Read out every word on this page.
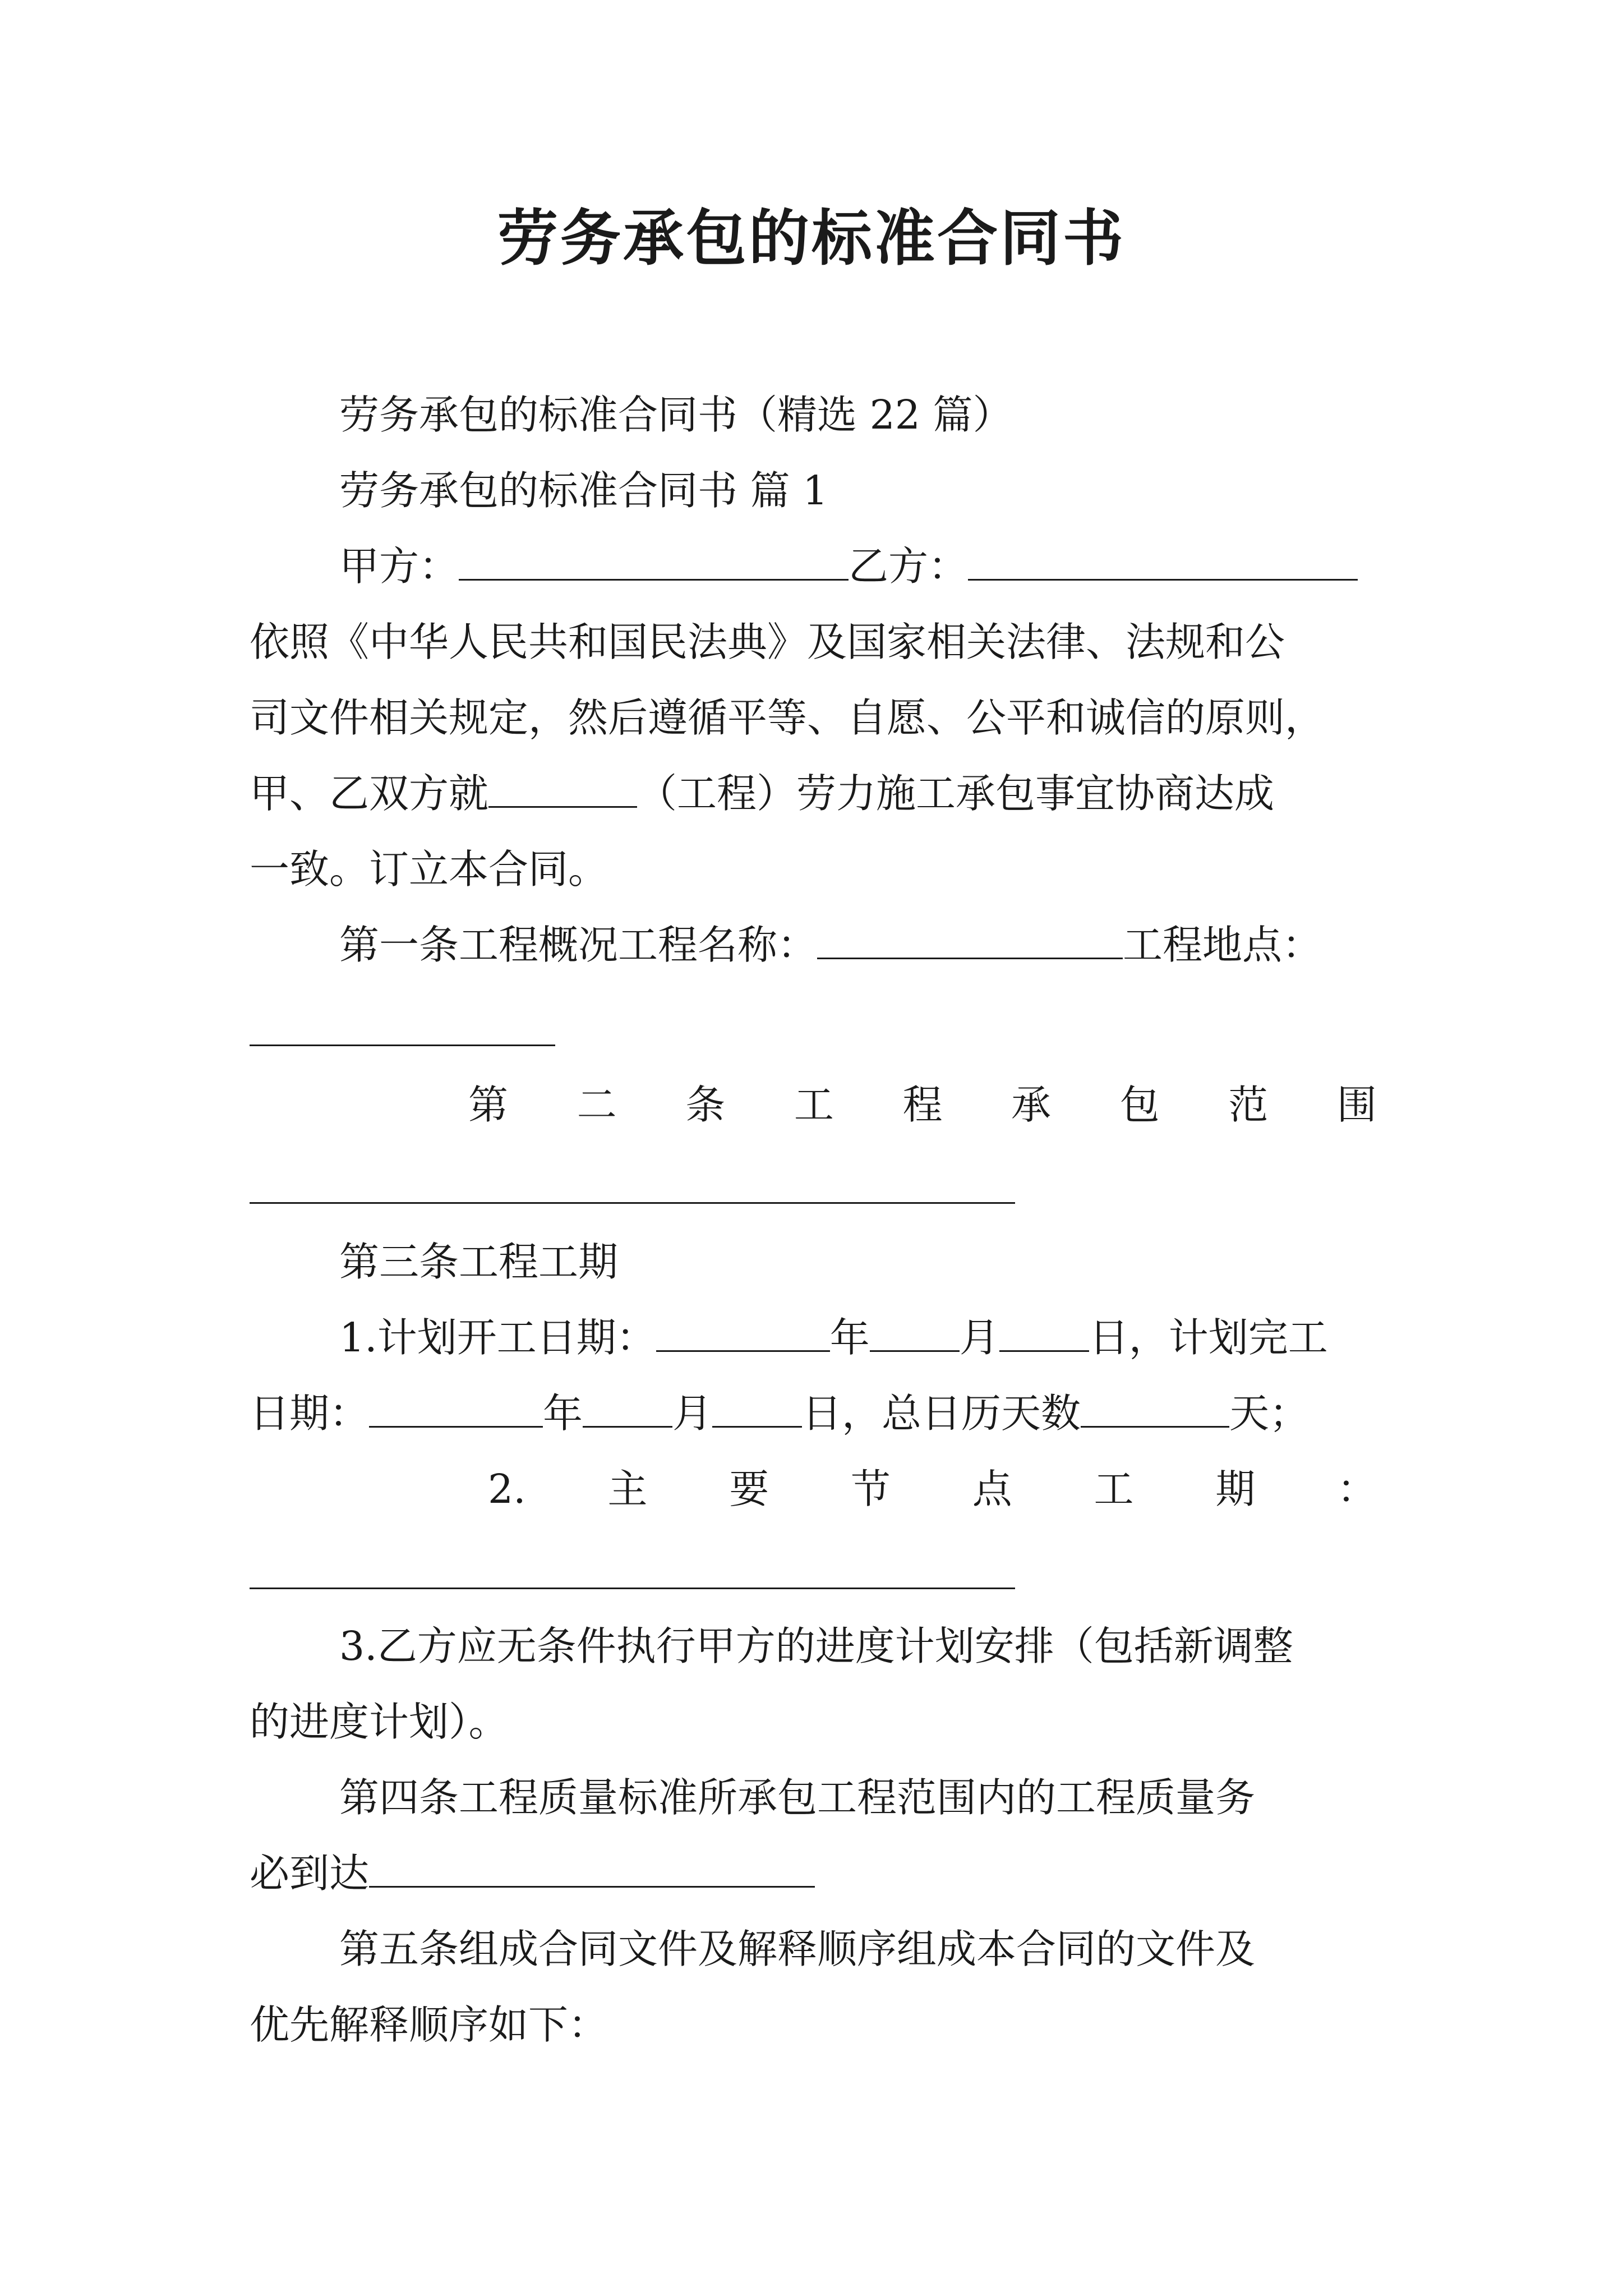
劳务承包的标准合同书
劳务承包的标准合同书（精选 22 篇）
劳务承包的标准合同书 篇 1
甲方：	乙方：
依照《中华人民共和国民法典》及国家相关法律、法规和公
司文件相关规定，然后遵循平等、自愿、公平和诚信的原则，
甲、乙双方就	（工程）劳力施工承包事宜协商达成
一致。订立本合同。
第一条工程概况工程名称：	工程地点：
第 二 条 工 程 承 包 范 围
第三条工程工期
1.计划开工日期：	年 月 日，计划完工
日期：	年 月 日，总日历天数	天；
2. 主 要 节 点 工 期 ：
3.乙方应无条件执行甲方的进度计划安排（包括新调整
的进度计划）。
第四条工程质量标准所承包工程范围内的工程质量务
必到达
第五条组成合同文件及解释顺序组成本合同的文件及
优先解释顺序如下：
